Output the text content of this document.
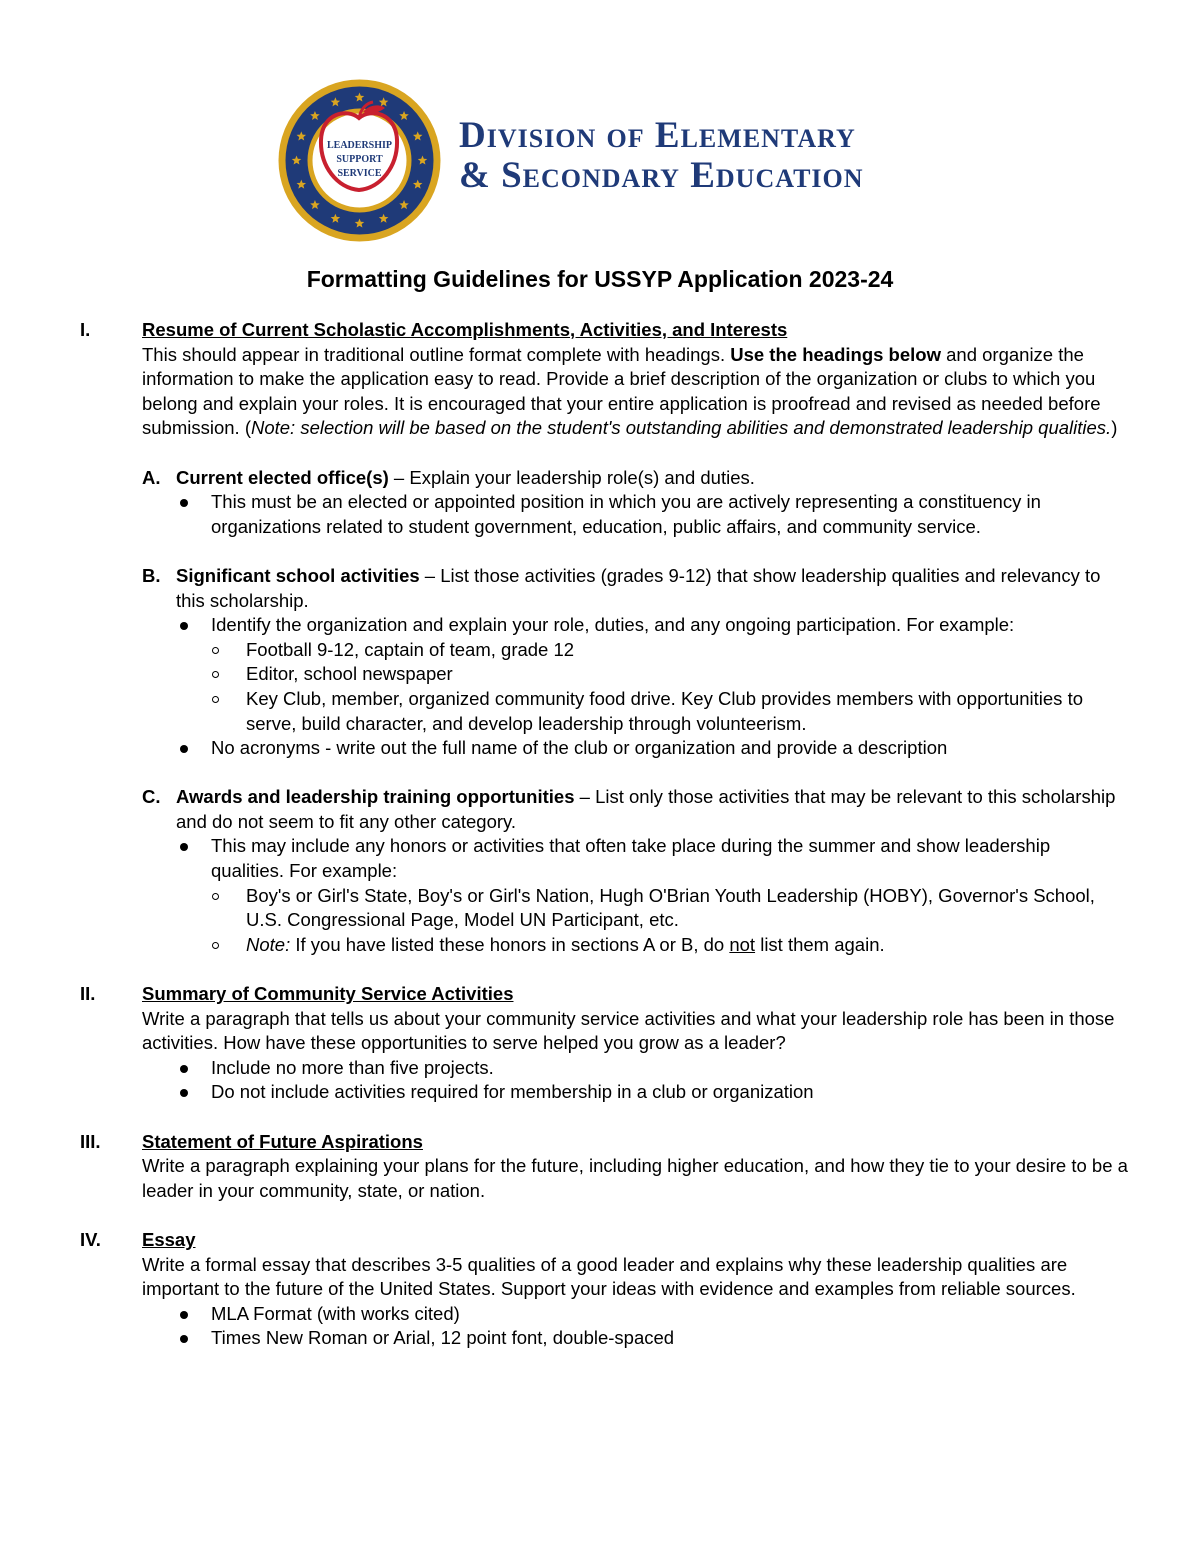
LEADERSHIP
SUPPORT
SERVICE
Division of Elementary
& Secondary Education
Formatting Guidelines for USSYP Application 2023-24
I.	Resume of Current Scholastic Accomplishments, Activities, and Interests
This should appear in traditional outline format complete with headings. Use the headings below and organize the information to make the application easy to read. Provide a brief description of the organization or clubs to which you belong and explain your roles. It is encouraged that your entire application is proofread and revised as needed before submission. (Note: selection will be based on the student's outstanding abilities and demonstrated leadership qualities.)
A. Current elected office(s) – Explain your leadership role(s) and duties.
This must be an elected or appointed position in which you are actively representing a constituency in organizations related to student government, education, public affairs, and community service.
B. Significant school activities – List those activities (grades 9-12) that show leadership qualities and relevancy to this scholarship.
Identify the organization and explain your role, duties, and any ongoing participation. For example:
Football 9-12, captain of team, grade 12
Editor, school newspaper
Key Club, member, organized community food drive. Key Club provides members with opportunities to serve, build character, and develop leadership through volunteerism.
No acronyms - write out the full name of the club or organization and provide a description
C. Awards and leadership training opportunities – List only those activities that may be relevant to this scholarship and do not seem to fit any other category.
This may include any honors or activities that often take place during the summer and show leadership qualities. For example:
Boy's or Girl's State, Boy's or Girl's Nation, Hugh O'Brian Youth Leadership (HOBY), Governor's School, U.S. Congressional Page, Model UN Participant, etc.
Note: If you have listed these honors in sections A or B, do not list them again.
II.	Summary of Community Service Activities
Write a paragraph that tells us about your community service activities and what your leadership role has been in those activities. How have these opportunities to serve helped you grow as a leader?
Include no more than five projects.
Do not include activities required for membership in a club or organization
III. Statement of Future Aspirations
Write a paragraph explaining your plans for the future, including higher education, and how they tie to your desire to be a leader in your community, state, or nation.
IV. Essay
Write a formal essay that describes 3-5 qualities of a good leader and explains why these leadership qualities are important to the future of the United States. Support your ideas with evidence and examples from reliable sources.
MLA Format (with works cited)
Times New Roman or Arial, 12 point font, double-spaced
